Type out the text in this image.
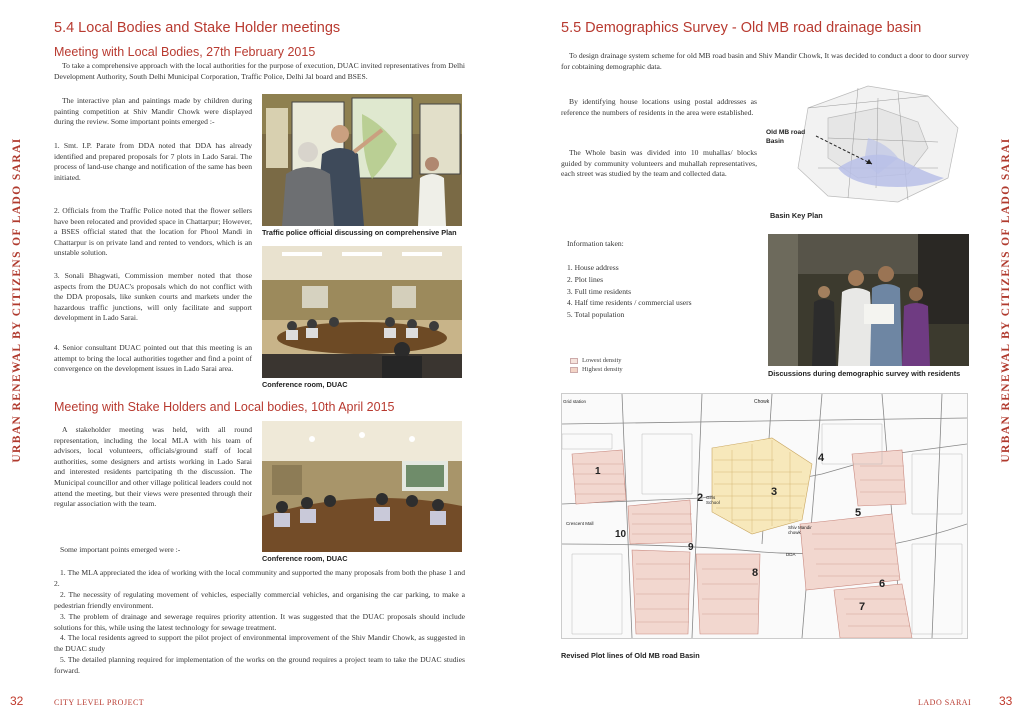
URBAN RENEWAL BY CITIZENS OF LADO SARAI	URBAN RENEWAL BY CITIZENS OF LADO SARAI
5.4 Local Bodies and Stake Holder meetings
Meeting with Local Bodies, 27th February 2015
To take a comprehensive approach with the local authorities for the purpose of execution, DUAC invited representatives from Delhi Development Authority, South Delhi Municipal Corporation, Traffic Police, Delhi Jal board and BSES.
The interactive plan and paintings made by children during painting competition at Shiv Mandir Chowk were displayed during the review. Some important points emerged :-
1. Smt. I.P. Parate from DDA noted that DDA has already identified and prepared proposals for 7 plots in Lado Sarai. The process of land-use change and notification of the same has been initiated.
2. Officials from the Traffic Police noted that the flower sellers have been relocated and provided space in Chattarpur; However, a BSES official stated that the location for Phool Mandi in Chattarpur is on private land and rented to vendors, which is an unstable solution.
3. Sonali Bhagwati, Commission member noted that those aspects from the DUAC's proposals which do not conflict with the DDA proposals, like sunken courts and markets under the hazardous traffic junctions, will only facilitate and support development in Lado Sarai.
4. Senior consultant DUAC pointed out that this meeting is an attempt to bring the local authorities together and find a point of convergence on the development issues in Lado Sarai area.
Traffic police official discussing on comprehensive Plan
Conference room, DUAC
Meeting with Stake Holders and Local bodies, 10th April 2015
A stakeholder meeting was held, with all round representation, including the local MLA with his team of advisors, local volunteers, officials/ground staff of local authorities, some designers and artists working in Lado Sarai and interested residents partcipating th the discussion. The Municipal councillor and other village political leaders could not attend the meeting, but their views were presented through their regular association with the team.
Some important points emerged were :-
Conference room, DUAC
1. The MLA appreciated the idea of working with the local community and supported the many proposals from both the phase 1 and 2.
2. The necessity of regulating movement of vehicles, especially commercial vehicles, and organising the car parking, to make a pedestrian friendly environment.
3. The problem of drainage and sewerage requires priority attention. It was suggested that the DUAC proposals should include solutions for this, while using the latest technology for sewage treatment.
4. The local residents agreed to support the pilot project of environmental improvement of the Shiv Mandir Chowk, as suggested in the DUAC study
5. The detailed planning required for implementation of the works on the ground requires a project team to take the DUAC studies forward.
5.5 Demographics Survey - Old MB road drainage basin
To design drainage system scheme for old MB road basin and Shiv Mandir Chowk, It was decided to conduct a door to door survey for cobtaining demographic data.
By identifying house locations using postal addresses as reference the numbers of residents in the area were established.
The Whole basin was divided into 10 muhallas/ blocks guided by community volunteers and muhallah representatives, each street was studied by the team and collected data.
Old MB road Basin
Basin Key Plan
Information taken:
1. House address
2. Plot lines
3. Full time residents
4. Half time residents / commercial users
5. Total population
Lowest density
Highest density	Discussions during demographic survey with residents
1
2	3
4
5
6
7
8
9
10
Chowk
Girls School
Crescent Mall
Shiv Mandir chowk
Grid station
DDA
Revised Plot lines of Old MB road Basin
32	CITY LEVEL PROJECT	LADO SARAI 33
